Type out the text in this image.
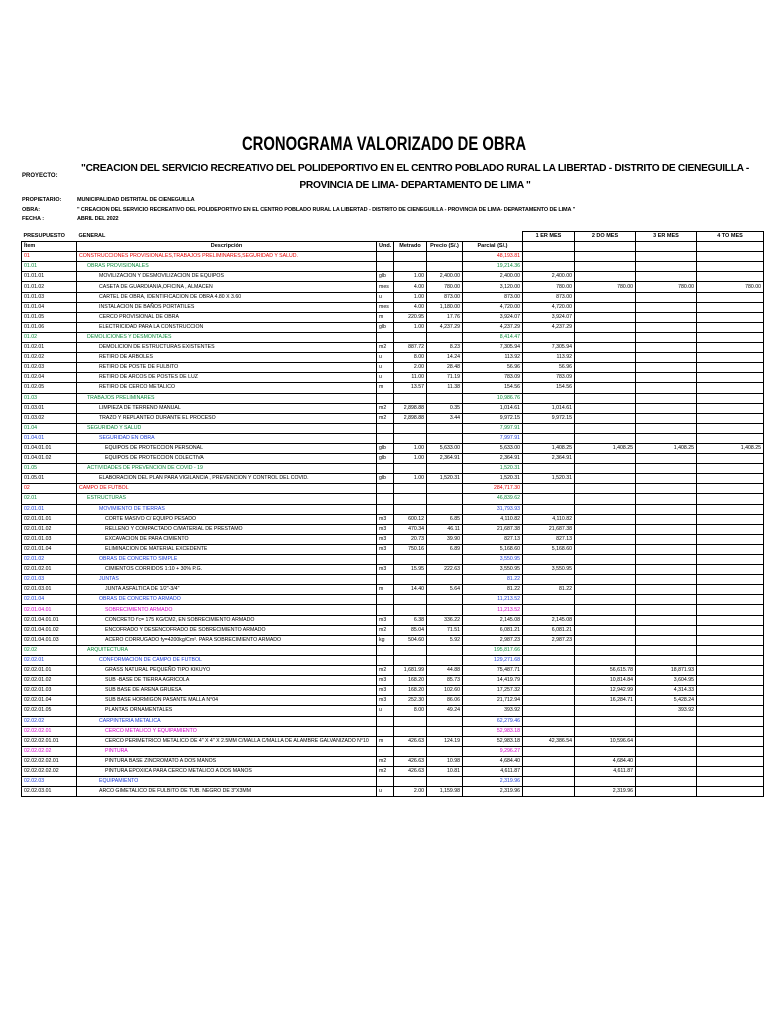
CRONOGRAMA VALORIZADO DE OBRA
PROYECTO:
"CREACION DEL SERVICIO RECREATIVO DEL POLIDEPORTIVO EN EL CENTRO POBLADO RURAL LA LIBERTAD - DISTRITO DE CIENEGUILLA - PROVINCIA DE LIMA- DEPARTAMENTO DE LIMA "
PROPIETARIO:	MUNICIPALIDAD DISTRITAL DE CIENEGUILLA
OBRA:	" CREACION DEL SERVICIO RECREATIVO DEL POLIDEPORTIVO EN EL CENTRO POBLADO RURAL LA LIBERTAD - DISTRITO DE CIENEGUILLA - PROVINCIA DE LIMA- DEPARTAMENTO DE LIMA "
FECHA :	ABRIL DEL 2022
PRESUPUESTO	GENERAL					1 ER MES	2 DO MES	3 ER MES	4 TO MES
Ítem	Descripción	Und.	Metrado	Precio (S/.)	Parcial (S/.)				
01	CONSTRUCCIONES PROVISIONALES,TRABAJOS PRELIMINARES,SEGURIDAD Y SALUD.				48,193.81				
01.01	OBRAS PROVISIONALES				19,214.36				
01.01.01	MOVILIZACION Y DESMOVILIZACION DE EQUIPOS	glb	1.00	2,400.00	2,400.00	2,400.00			
01.01.02	CASETA DE GUARDIANIA,OFICINA , ALMACEN	mes	4.00	780.00	3,120.00	780.00	780.00	780.00	780.00
01.01.03	CARTEL DE OBRA, IDENTIFICACION DE OBRA 4.80 X 3.60	u	1.00	873.00	873.00	873.00			
01.01.04	INSTALACION DE BAÑOS PORTATILES	mes	4.00	1,180.00	4,720.00	4,720.00			
01.01.05	CERCO PROVISIONAL DE OBRA	m	220.95	17.76	3,924.07	3,924.07			
01.01.06	ELECTRICIDAD PARA LA CONSTRUCCION	glb	1.00	4,237.29	4,237.29	4,237.29			
01.02	DEMOLICIONES Y DESMONTAJES				8,414.47				
01.02.01	DEMOLICION DE ESTRUCTURAS EXISTENTES	m2	887.72	8.23	7,305.94	7,305.94			
01.02.02	RETIRO DE ARBOLES	u	8.00	14.24	113.92	113.92			
01.02.03	RETIRO DE POSTE DE FULBITO	u	2.00	28.48	56.96	56.96			
01.02.04	RETIRO DE ARCOS DE POSTES DE LUZ	u	11.00	71.19	783.09	783.09			
01.02.05	RETIRO DE CERCO METALICO	m	13.57	11.38	154.56	154.56			
01.03	TRABAJOS PRELIMINARES				10,986.76				
01.03.01	LIMPIEZA DE TERRENO MANUAL	m2	2,898.88	0.35	1,014.61	1,014.61			
01.03.02	TRAZO Y REPLANTEO DURANTE EL PROCESO	m2	2,898.88	3.44	9,972.15	9,972.15			
01.04	SEGURIDAD Y SALUD				7,997.91				
01.04.01	SEGURIDAD EN OBRA				7,997.91				
01.04.01.01	EQUIPOS DE PROTECCION PERSONAL	glb	1.00	5,633.00	5,633.00	1,408.25	1,408.25	1,408.25	1,408.25
01.04.01.02	EQUIPOS DE PROTECCION COLECTIVA	glb	1.00	2,364.91	2,364.91	2,364.91			
01.05	ACTIVIDADES DE PREVENCION DE COVID - 19				1,520.31				
01.05.01	ELABORACION DEL PLAN PARA VIGILANCIA , PREVENCION Y CONTROL DEL COVID.	glb	1.00	1,520.31	1,520.31	1,520.31			
02	CAMPO DE FUTBOL				284,717.30				
02.01	ESTRUCTURAS				46,839.62				
02.01.01	MOVIMIENTO DE TIERRAS				31,793.93				
02.01.01.01	CORTE MASIVO C/ EQUIPO PESADO	m3	600.12	6.85	4,110.82	4,110.82			
02.01.01.02	RELLENO Y COMPACTADO C/MATERIAL DE PRESTAMO	m3	470.34	46.11	21,687.38	21,687.38			
02.01.01.03	EXCAVACION DE PARA CIMIENTO	m3	20.73	39.90	827.13	827.13			
02.01.01.04	ELIMINACION DE MATERIAL EXCEDENTE	m3	750.16	6.89	5,168.60	5,168.60			
02.01.02	OBRAS DE CONCRETO SIMPLE				3,550.95				
02.01.02.01	CIMIENTOS CORRIDOS 1:10 + 30% P.G.	m3	15.95	222.63	3,550.95	3,550.95			
02.01.03	JUNTAS				81.22				
02.01.03.01	JUNTA ASFALTICA DE 1/2"-3/4"	m	14.40	5.64	81.22	81.22			
02.01.04	OBRAS DE CONCRETO ARMADO				11,213.52				
02.01.04.01	SOBRECIMIENTO ARMADO				11,213.52				
02.01.04.01.01	CONCRETO f'c= 175 KG/CM2, EN SOBRECIMIENTO ARMADO	m3	6.38	336.22	2,145.08	2,145.08			
02.01.04.01.02	ENCOFRADO Y DESENCOFRADO DE SOBRECIMIENTO ARMADO	m2	85.04	71.51	6,081.21	6,081.21			
02.01.04.01.03	ACERO CORRUGADO fy=4200kg/Cm². PARA SOBRECIMIENTO ARMADO	kg	504.60	5.92	2,987.23	2,987.23			
02.02	ARQUITECTURA				195,817.66				
02.02.01	CONFORMACION DE CAMPO DE FUTBOL				129,271.68				
02.02.01.01	GRASS NATURAL PEQUEÑO TIPO KIKUYO	m2	1,681.99	44.88	75,487.71		56,615.78	18,871.93	
02.02.01.02	SUB -BASE DE TIERRA AGRICOLA	m3	168.20	85.73	14,419.79		10,814.84	3,604.95	
02.02.01.03	SUB BASE DE ARENA GRUESA	m3	168.20	102.60	17,257.32		12,942.99	4,314.33	
02.02.01.04	SUB BASE HORMIGON PASANTE MALLA N°04	m3	252.30	86.06	21,712.94		16,284.71	5,428.24	
02.02.01.05	PLANTAS ORNAMENTALES	u	8.00	49.24	393.92			393.92	
02.02.02	CARPINTERIA METALICA				62,279.46				
02.02.02.01	CERCO METALICO Y EQUIPAMIENTO				52,983.18				
02.02.02.01.01	CERCO PERIMETRICO METALICO DE 4" X 4" X 2.5MM C/MALLA C/MALLA DE ALAMBRE GALVANIZADO N°10	m	426.63	124.19	52,983.18	42,386.54	10,596.64		
02.02.02.02	PINTURA				9,296.27				
02.02.02.02.01	PINTURA BASE ZINCROMATO A DOS MANOS	m2	426.63	10.98	4,684.40		4,684.40		
02.02.02.02.02	PINTURA EPOXICA PARA CERCO METALICO A DOS MANOS	m2	426.63	10.81	4,611.87		4,611.87		
02.02.03	EQUIPAMIENTO				2,319.96				
02.02.03.01	ARCO GIMETALICO DE FULBITO DE TUB. NEGRO DE 3"X3MM	u	2.00	1,159.98	2,319.96		2,319.96		
